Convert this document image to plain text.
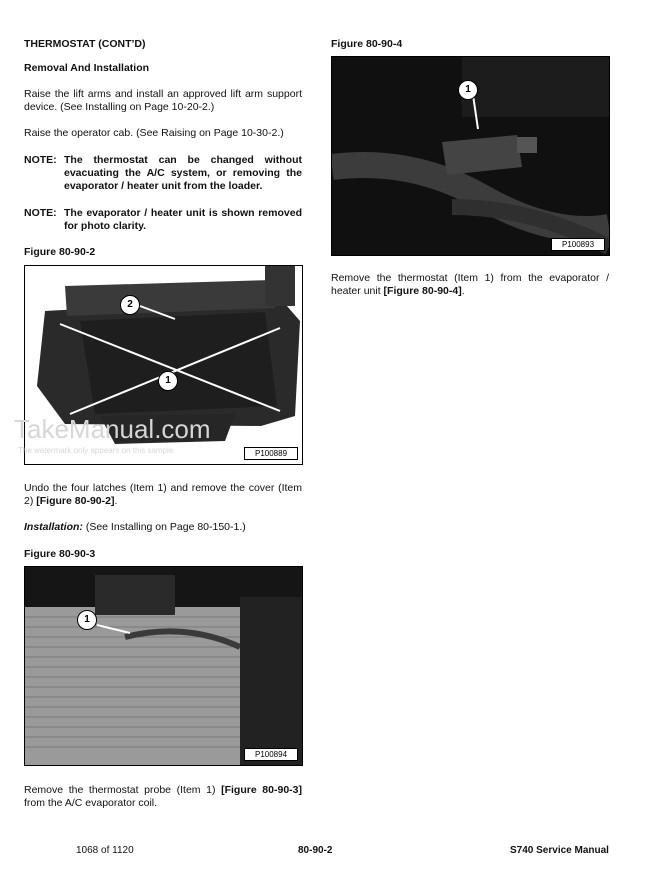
THERMOSTAT (CONT’D)
Removal And Installation
Raise the lift arms and install an approved lift arm support device. (See Installing on Page 10-20-2.)
Raise the operator cab. (See Raising on Page 10-30-2.)
NOTE: The thermostat can be changed without evacuating the A/C system, or removing the evaporator / heater unit from the loader.
NOTE: The evaporator / heater unit is shown removed for photo clarity.
Figure 80-90-2
2
1
P100889
TakeManual.com
The watermark only appears on this sample
Undo the four latches (Item 1) and remove the cover (Item 2) [Figure 80-90-2].
Installation: (See Installing on Page 80-150-1.)
Figure 80-90-3
1
P100894
Remove the thermostat probe (Item 1) [Figure 80-90-3] from the A/C evaporator coil.
Figure 80-90-4
1
P100893
Remove the thermostat (Item 1) from the evaporator / heater unit [Figure 80-90-4].
1068 of 1120	80-90-2	S740 Service Manual
